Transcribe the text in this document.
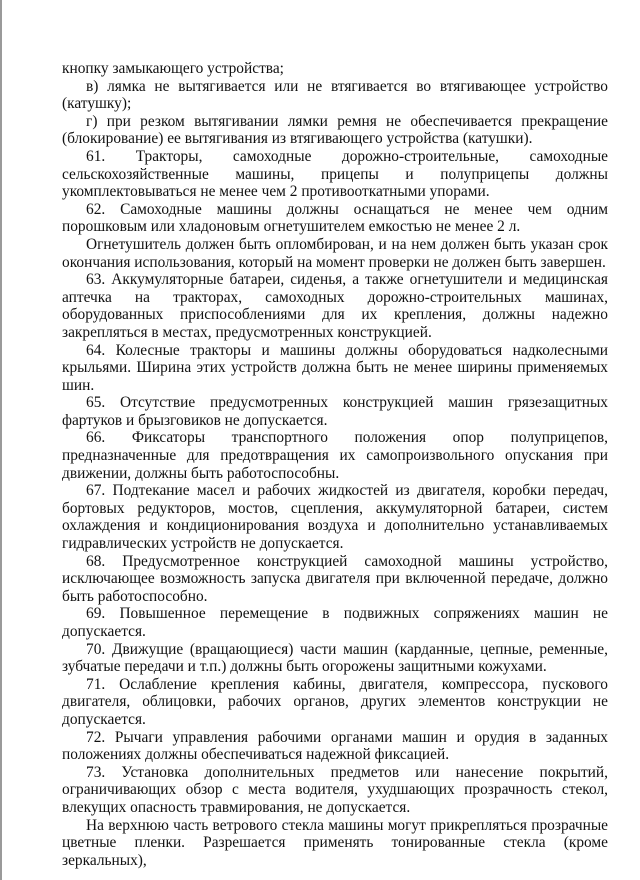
кнопку замыкающего устройства;

в) лямка не вытягивается или не втягивается во втягивающее устройство (катушку);

г) при резком вытягивании лямки ремня не обеспечивается прекращение (блокирование) ее вытягивания из втягивающего устройства (катушки).

61. Тракторы, самоходные дорожно-строительные, самоходные сельскохозяйственные машины, прицепы и полуприцепы должны укомплектовываться не менее чем 2 противооткатными упорами.

62. Самоходные машины должны оснащаться не менее чем одним порошковым или хладоновым огнетушителем емкостью не менее 2 л.

Огнетушитель должен быть опломбирован, и на нем должен быть указан срок окончания использования, который на момент проверки не должен быть завершен.

63. Аккумуляторные батареи, сиденья, а также огнетушители и медицинская аптечка на тракторах, самоходных дорожно-строительных машинах, оборудованных приспособлениями для их крепления, должны надежно закрепляться в местах, предусмотренных конструкцией.

64. Колесные тракторы и машины должны оборудоваться надколесными крыльями. Ширина этих устройств должна быть не менее ширины применяемых шин.

65. Отсутствие предусмотренных конструкцией машин грязезащитных фартуков и брызговиков не допускается.

66. Фиксаторы транспортного положения опор полуприцепов, предназначенные для предотвращения их самопроизвольного опускания при движении, должны быть работоспособны.

67. Подтекание масел и рабочих жидкостей из двигателя, коробки передач, бортовых редукторов, мостов, сцепления, аккумуляторной батареи, систем охлаждения и кондиционирования воздуха и дополнительно устанавливаемых гидравлических устройств не допускается.

68. Предусмотренное конструкцией самоходной машины устройство, исключающее возможность запуска двигателя при включенной передаче, должно быть работоспособно.

69. Повышенное перемещение в подвижных сопряжениях машин не допускается.

70. Движущие (вращающиеся) части машин (карданные, цепные, ременные, зубчатые передачи и т.п.) должны быть огорожены защитными кожухами.

71. Ослабление крепления кабины, двигателя, компрессора, пускового двигателя, облицовки, рабочих органов, других элементов конструкции не допускается.

72. Рычаги управления рабочими органами машин и орудия в заданных положениях должны обеспечиваться надежной фиксацией.

73. Установка дополнительных предметов или нанесение покрытий, ограничивающих обзор с места водителя, ухудшающих прозрачность стекол, влекущих опасность травмирования, не допускается.

На верхнюю часть ветрового стекла машины могут прикрепляться прозрачные цветные пленки. Разрешается применять тонированные стекла (кроме зеркальных),
